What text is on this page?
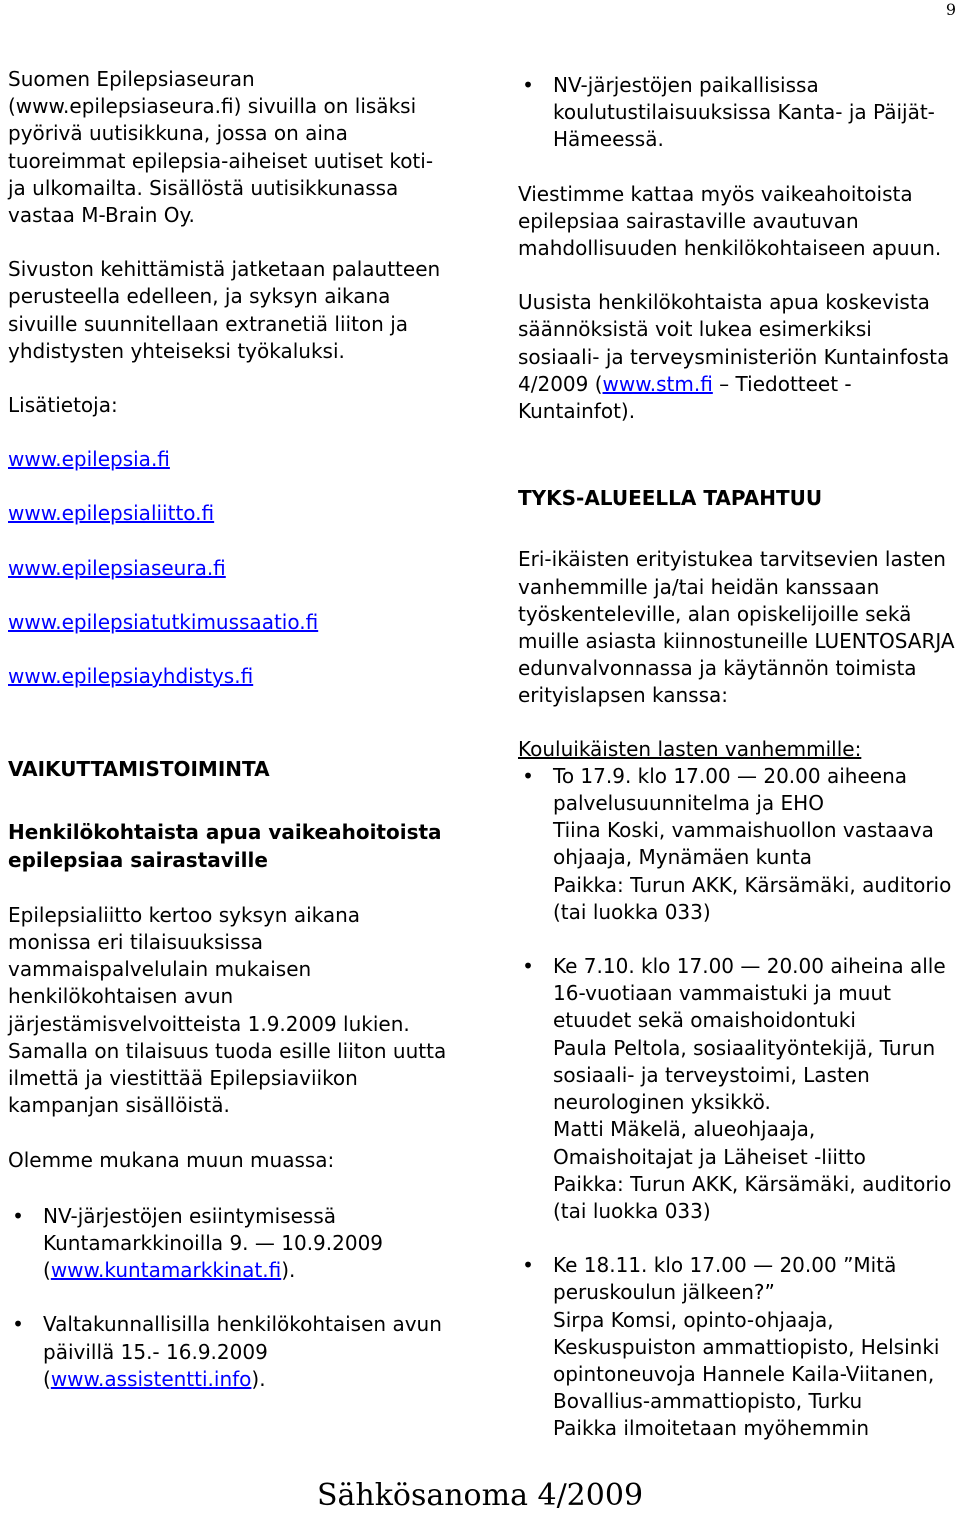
9

Suomen Epilepsiaseuran (www.epilepsiaseura.fi) sivuilla on lisäksi pyörivä uutisikkuna, jossa on aina tuoreimmat epilepsia-aiheiset uutiset koti- ja ulkomailta. Sisällöstä uutisikkunassa vastaa M-Brain Oy.

Sivuston kehittämistä jatketaan palautteen perusteella edelleen, ja syksyn aikana sivuille suunnitellaan extranetiä liiton ja yhdistysten yhteiseksi työkaluksi.

Lisätietoja:

www.epilepsia.fi

www.epilepsialiitto.fi

www.epilepsiaseura.fi

www.epilepsiatutkimussaatio.fi

www.epilepsiayhdistys.fi

VAIKUTTAMISTOIMINTA

Henkilökohtaista apua vaikeahoitoista epilepsiaa sairastaville

Epilepsialiitto kertoo syksyn aikana monissa eri tilaisuuksissa vammaispalvelulain mukaisen henkilökohtaisen avun järjestämisvelvoitteista 1.9.2009 lukien. Samalla on tilaisuus tuoda esille liiton uutta ilmettä ja viestittää Epilepsiaviikon kampanjan sisällöistä.

Olemme mukana muun muassa:

• NV-järjestöjen esiintymisessä Kuntamarkkinoilla 9. — 10.9.2009 (www.kuntamarkkinat.fi).
• Valtakunnallisilla henkilökohtaisen avun päivillä 15.- 16.9.2009 (www.assistentti.info).
• NV-järjestöjen paikallisissa koulutustilaisuuksissa Kanta- ja Päijät-Hämeessä.

Viestimme kattaa myös vaikeahoitoista epilepsiaa sairastaville avautuvan mahdollisuuden henkilökohtaiseen apuun.

Uusista henkilökohtaista apua koskevista säännöksistä voit lukea esimerkiksi sosiaali- ja terveysministeriön Kuntainfosta 4/2009 (www.stm.fi – Tiedotteet - Kuntainfot).

TYKS-ALUEELLA TAPAHTUU

Eri-ikäisten erityistukea tarvitsevien lasten vanhemmille ja/tai heidän kanssaan työskenteleville, alan opiskelijoille sekä muille asiasta kiinnostuneille LUENTOSARJA edunvalvonnassa ja käytännön toimista erityislapsen kanssa:

Kouluikäisten lasten vanhemmille:

• To 17.9. klo 17.00 — 20.00 aiheena palvelusuunnitelma ja EHO
Tiina Koski, vammaishuollon vastaava ohjaaja, Mynämäen kunta
Paikka: Turun AKK, Kärsämäki, auditorio (tai luokka 033)
• Ke 7.10. klo 17.00 — 20.00 aiheina alle 16-vuotiaan vammaistuki ja muut etuudet sekä omaishoidontuki
Paula Peltola, sosiaalityöntekijä, Turun sosiaali- ja terveystoimi, Lasten neurologinen yksikkö.
Matti Mäkelä, alueohjaaja, Omaishoitajat ja Läheiset -liitto
Paikka: Turun AKK, Kärsämäki, auditorio (tai luokka 033)
• Ke 18.11. klo 17.00 — 20.00 ”Mitä peruskoulun jälkeen?”
Sirpa Komsi, opinto-ohjaaja, Keskuspuiston ammattiopisto, Helsinki
opintoneuvoja Hannele Kaila-Viitanen, Bovallius-ammattiopisto, Turku
Paikka ilmoitetaan myöhemmin
Sähkösanoma 4/2009
